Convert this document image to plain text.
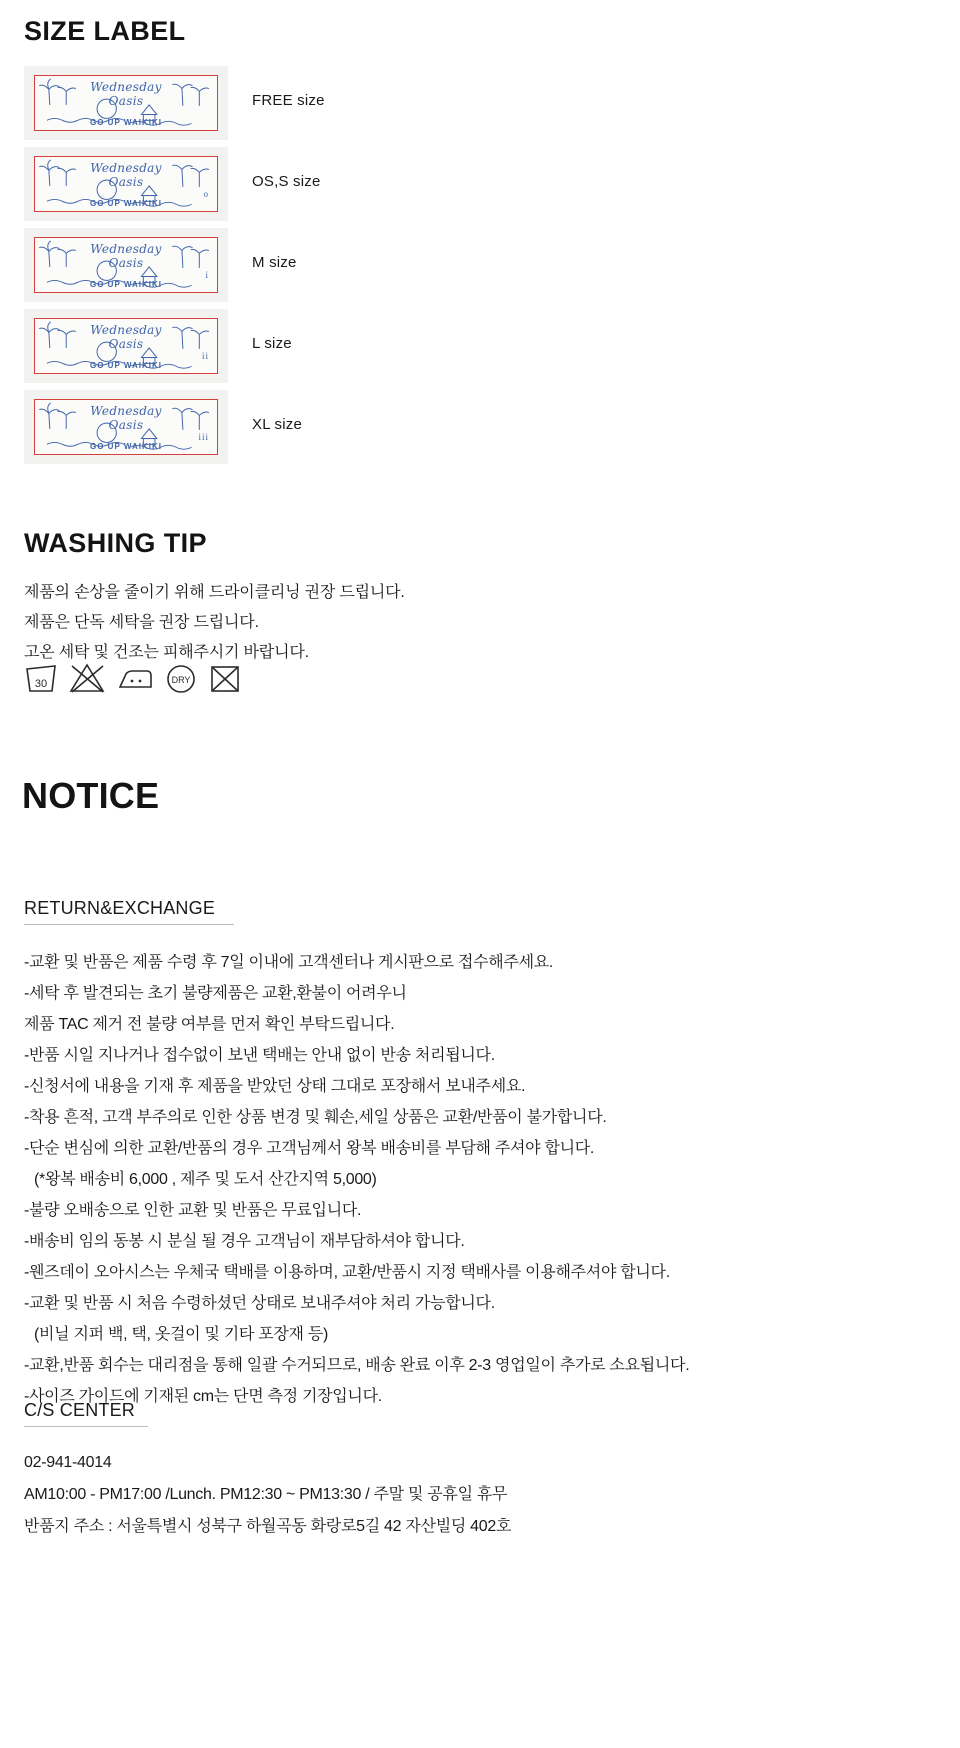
SIZE LABEL
Wednesday
Oasis
GO UP WAIKIKI
FREE size
Wednesday
Oasis
GO UP WAIKIKI
o
OS,S size
Wednesday
Oasis
GO UP WAIKIKI
i
M size
Wednesday
Oasis
GO UP WAIKIKI
ii
L size
Wednesday
Oasis
GO UP WAIKIKI
iii
XL size
WASHING TIP

제품의 손상을 줄이기 위해 드라이클리닝 권장 드립니다.

제품은 단독 세탁을 권장 드립니다.

고온 세탁 및 건조는 피해주시기 바랍니다.

30	DRY
NOTICE
RETURN&EXCHANGE

-교환 및 반품은 제품 수령 후 7일 이내에 고객센터나 게시판으로 접수해주세요.

-세탁 후 발견되는 초기 불량제품은 교환,환불이 어려우니

제품 TAC 제거 전 불량 여부를 먼저 확인 부탁드립니다.

-반품 시일 지나거나 접수없이 보낸 택배는 안내 없이 반송 처리됩니다.

-신청서에 내용을 기재 후 제품을 받았던 상태 그대로 포장해서 보내주세요.

-착용 흔적, 고객 부주의로 인한 상품 변경 및 훼손,세일 상품은 교환/반품이 불가합니다.

-단순 변심에 의한 교환/반품의 경우 고객님께서 왕복 배송비를 부담해 주셔야 합니다.

(*왕복 배송비 6,000 , 제주 및 도서 산간지역 5,000)

-불량 오배송으로 인한 교환 및 반품은 무료입니다.

-배송비 임의 동봉 시 분실 될 경우 고객님이 재부담하셔야 합니다.

-웬즈데이 오아시스는 우체국 택배를 이용하며, 교환/반품시 지정 택배사를 이용해주셔야 합니다.

-교환 및 반품 시 처음 수령하셨던 상태로 보내주셔야 처리 가능합니다.

(비닐 지퍼 백, 택, 옷걸이 및 기타 포장재 등)

-교환,반품 회수는 대리점을 통해 일괄 수거되므로, 배송 완료 이후 2-3 영업일이 추가로 소요됩니다.

-사이즈 가이드에 기재된 cm는 단면 측정 기장입니다.

C/S CENTER

02-941-4014

AM10:00 - PM17:00 /Lunch. PM12:30 ~ PM13:30 / 주말 및 공휴일 휴무

반품지 주소 : 서울특별시 성북구 하월곡동 화랑로5길 42 자산빌딩 402호
